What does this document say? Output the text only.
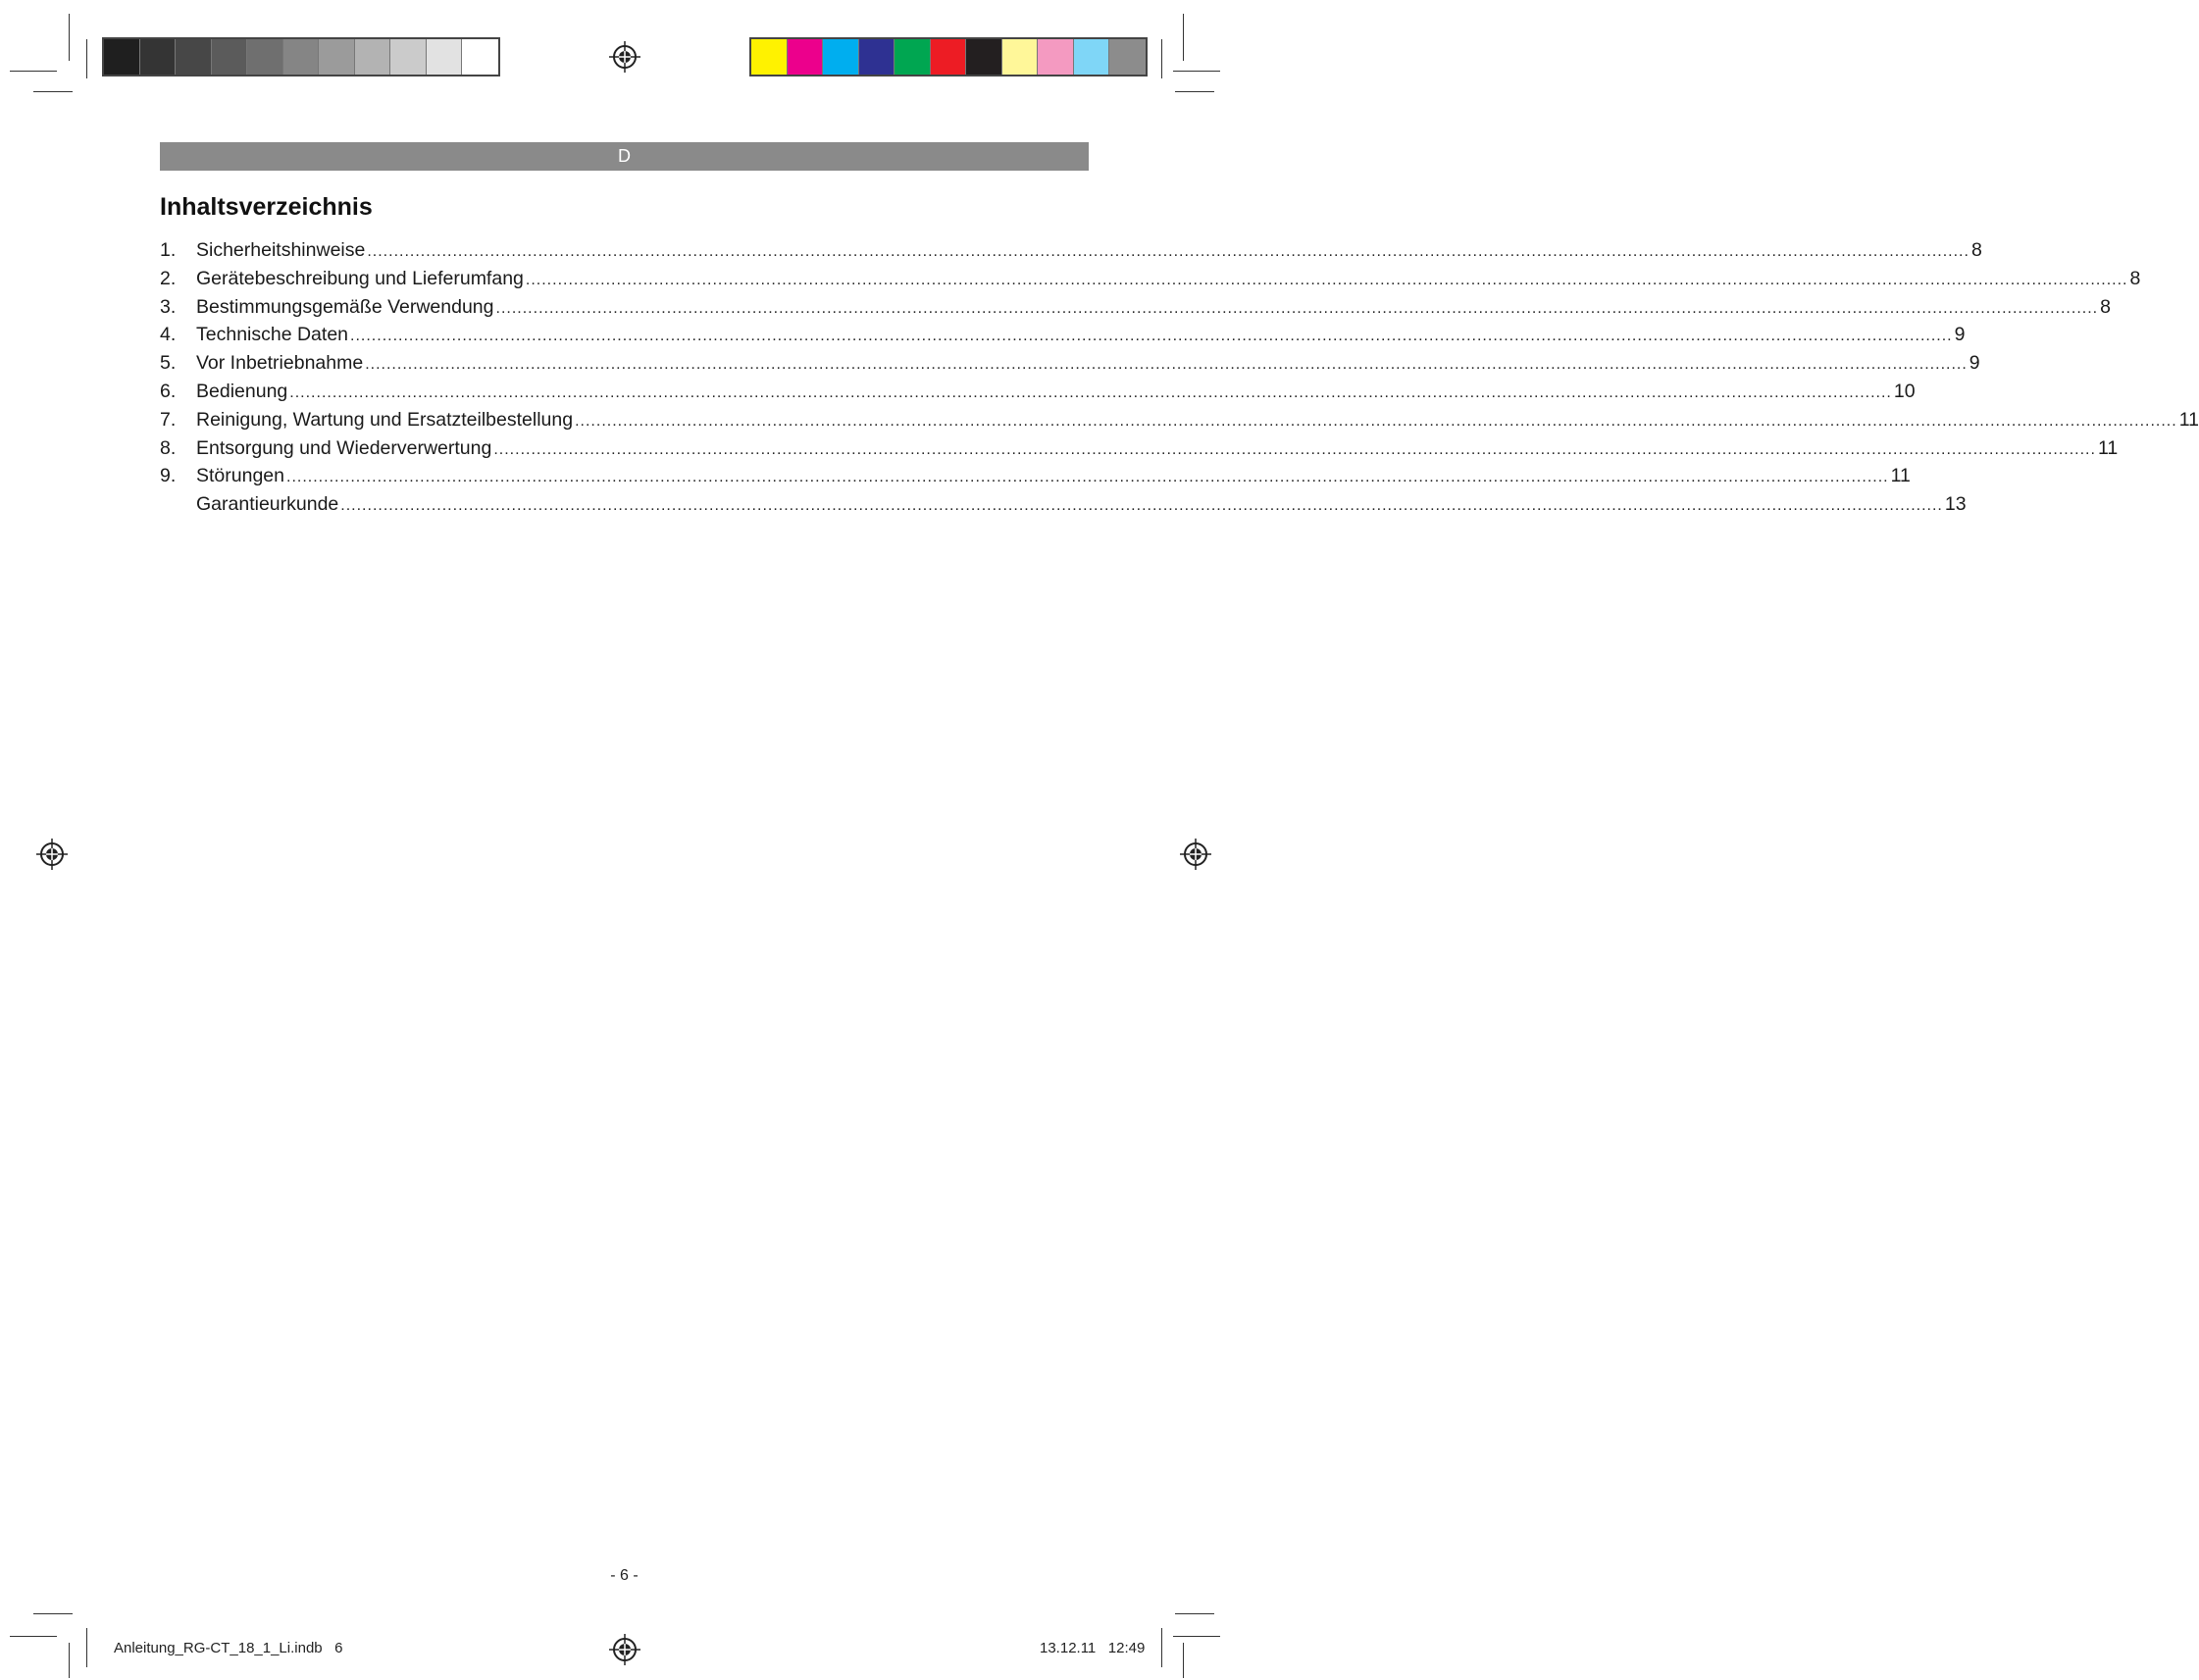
D
Inhaltsverzeichnis
1.	Sicherheitshinweise ............................................................................................................................................................................................................................................................................................................ 8
2.	Gerätebeschreibung und Lieferumfang ............................................................................................................................................................................................................................................................................................................ 8
3.	Bestimmungsgemäße Verwendung ............................................................................................................................................................................................................................................................................................................ 8
4.	Technische Daten ............................................................................................................................................................................................................................................................................................................ 9
5.	Vor Inbetriebnahme ............................................................................................................................................................................................................................................................................................................ 9
6.	Bedienung ............................................................................................................................................................................................................................................................................................................ 10
7.	Reinigung, Wartung und Ersatzteilbestellung ............................................................................................................................................................................................................................................................................................................ 11
8.	Entsorgung und Wiederverwertung ............................................................................................................................................................................................................................................................................................................ 11
9.	Störungen ............................................................................................................................................................................................................................................................................................................ 11
Garantieurkunde ............................................................................................................................................................................................................................................................................................................ 13
- 6 -
Anleitung_RG-CT_18_1_Li.indb   6	13.12.11   12:49
